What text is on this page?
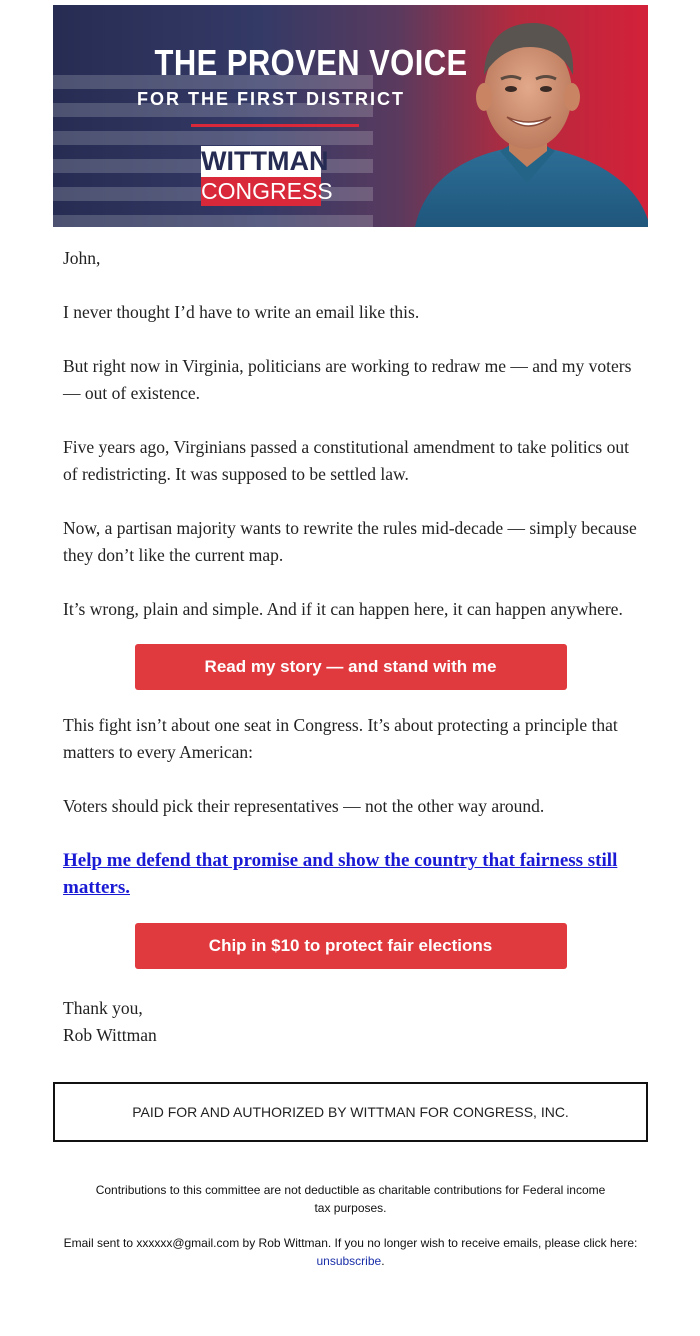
THE PROVEN VOICE
FOR THE FIRST DISTRICT
WITTMAN
CONGRESS

John,

I never thought I’d have to write an email like this.

But right now in Virginia, politicians are working to redraw me — and my voters — out of existence.

Five years ago, Virginians passed a constitutional amendment to take politics out of redistricting. It was supposed to be settled law.

Now, a partisan majority wants to rewrite the rules mid-decade — simply because they don’t like the current map.

It’s wrong, plain and simple. And if it can happen here, it can happen anywhere.

Read my story — and stand with me

This fight isn’t about one seat in Congress. It’s about protecting a principle that matters to every American:

Voters should pick their representatives — not the other way around.

Help me defend that promise and show the country that fairness still matters.
Chip in $10 to protect fair elections
Thank you,
Rob Wittman
PAID FOR AND AUTHORIZED BY WITTMAN FOR CONGRESS, INC.
Contributions to this committee are not deductible as charitable contributions for Federal income tax purposes.
Email sent to xxxxxx@gmail.com by Rob Wittman. If you no longer wish to receive emails, please click here:
unsubscribe.
